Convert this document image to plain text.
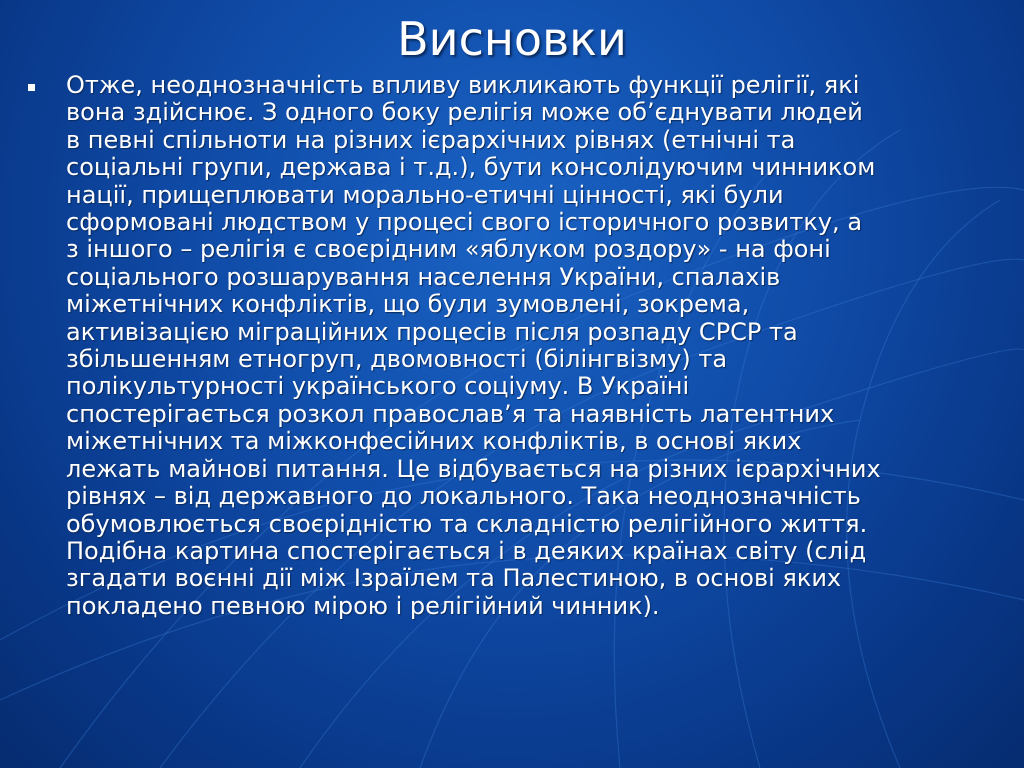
Висновки
Отже, неоднозначність впливу викликають функції релігії, які
вона здійснює. З одного боку релігія може об’єднувати людей
в певні спільноти на різних ієрархічних рівнях (етнічні та
соціальні групи, держава і т.д.), бути консолідуючим чинником
нації, прищеплювати морально-етичні цінності, які були
сформовані людством у процесі свого історичного розвитку, а
з іншого – релігія є своєрідним «яблуком роздору» - на фоні
соціального розшарування населення України, спалахів
міжетнічних конфліктів, що були зумовлені, зокрема,
активізацією міграційних процесів після розпаду СРСР та
збільшенням етногруп, двомовності (білінгвізму) та
полікультурності українського соціуму. В Україні
спостерігається розкол православ’я та наявність латентних
міжетнічних та міжконфесійних конфліктів, в основі яких
лежать майнові питання. Це відбувається на різних ієрархічних
рівнях – від державного до локального. Така неоднозначність
обумовлюється своєрідністю та складністю релігійного життя.
Подібна картина спостерігається і в деяких країнах світу (слід
згадати воєнні дії між Ізраїлем та Палестиною, в основі яких
покладено певною мірою і релігійний чинник).
